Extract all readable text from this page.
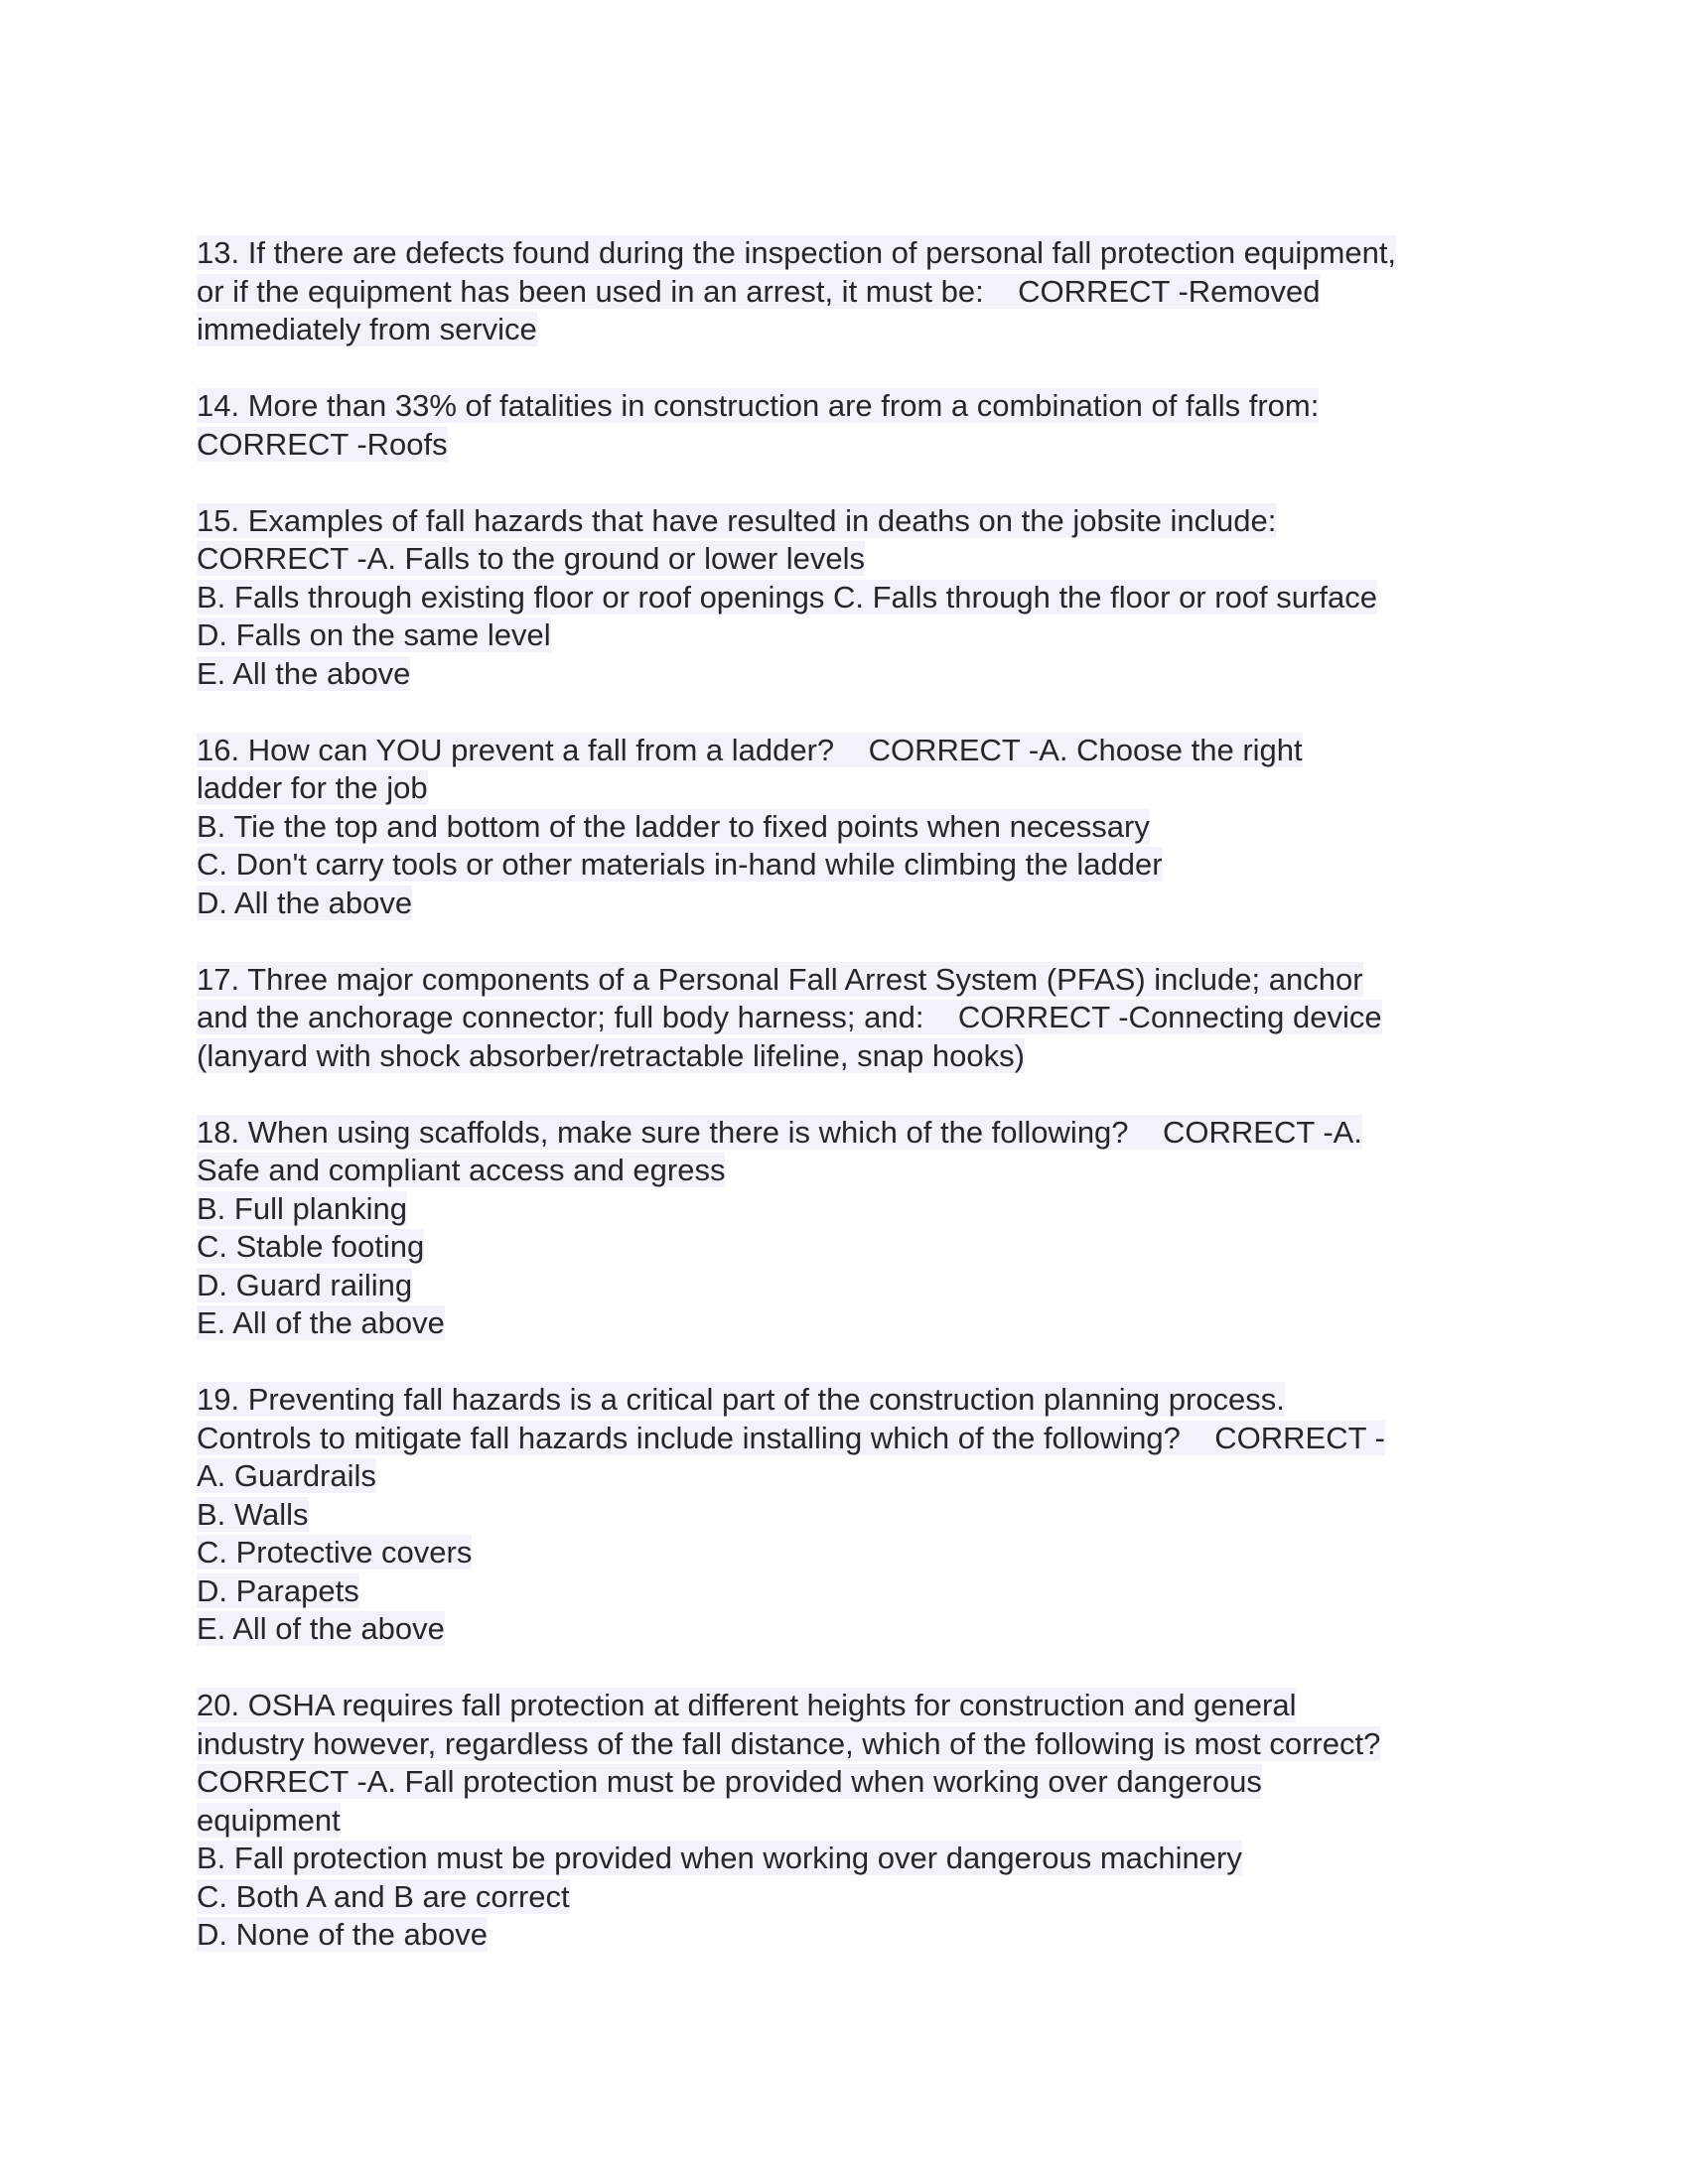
13. If there are defects found during the inspection of personal fall protection equipment,
or if the equipment has been used in an arrest, it must be:    CORRECT -Removed
immediately from service
14. More than 33% of fatalities in construction are from a combination of falls from:
CORRECT -Roofs
15. Examples of fall hazards that have resulted in deaths on the jobsite include:
CORRECT -A. Falls to the ground or lower levels
B. Falls through existing floor or roof openings C. Falls through the floor or roof surface
D. Falls on the same level
E. All the above
16. How can YOU prevent a fall from a ladder?    CORRECT -A. Choose the right
ladder for the job
B. Tie the top and bottom of the ladder to fixed points when necessary
C. Don't carry tools or other materials in-hand while climbing the ladder
D. All the above
17. Three major components of a Personal Fall Arrest System (PFAS) include; anchor
and the anchorage connector; full body harness; and:    CORRECT -Connecting device
(lanyard with shock absorber/retractable lifeline, snap hooks)
18. When using scaffolds, make sure there is which of the following?    CORRECT -A.
Safe and compliant access and egress
B. Full planking
C. Stable footing
D. Guard railing
E. All of the above
19. Preventing fall hazards is a critical part of the construction planning process.
Controls to mitigate fall hazards include installing which of the following?    CORRECT -
A. Guardrails
B. Walls
C. Protective covers
D. Parapets
E. All of the above
20. OSHA requires fall protection at different heights for construction and general
industry however, regardless of the fall distance, which of the following is most correct?
CORRECT -A. Fall protection must be provided when working over dangerous
equipment
B. Fall protection must be provided when working over dangerous machinery
C. Both A and B are correct
D. None of the above
